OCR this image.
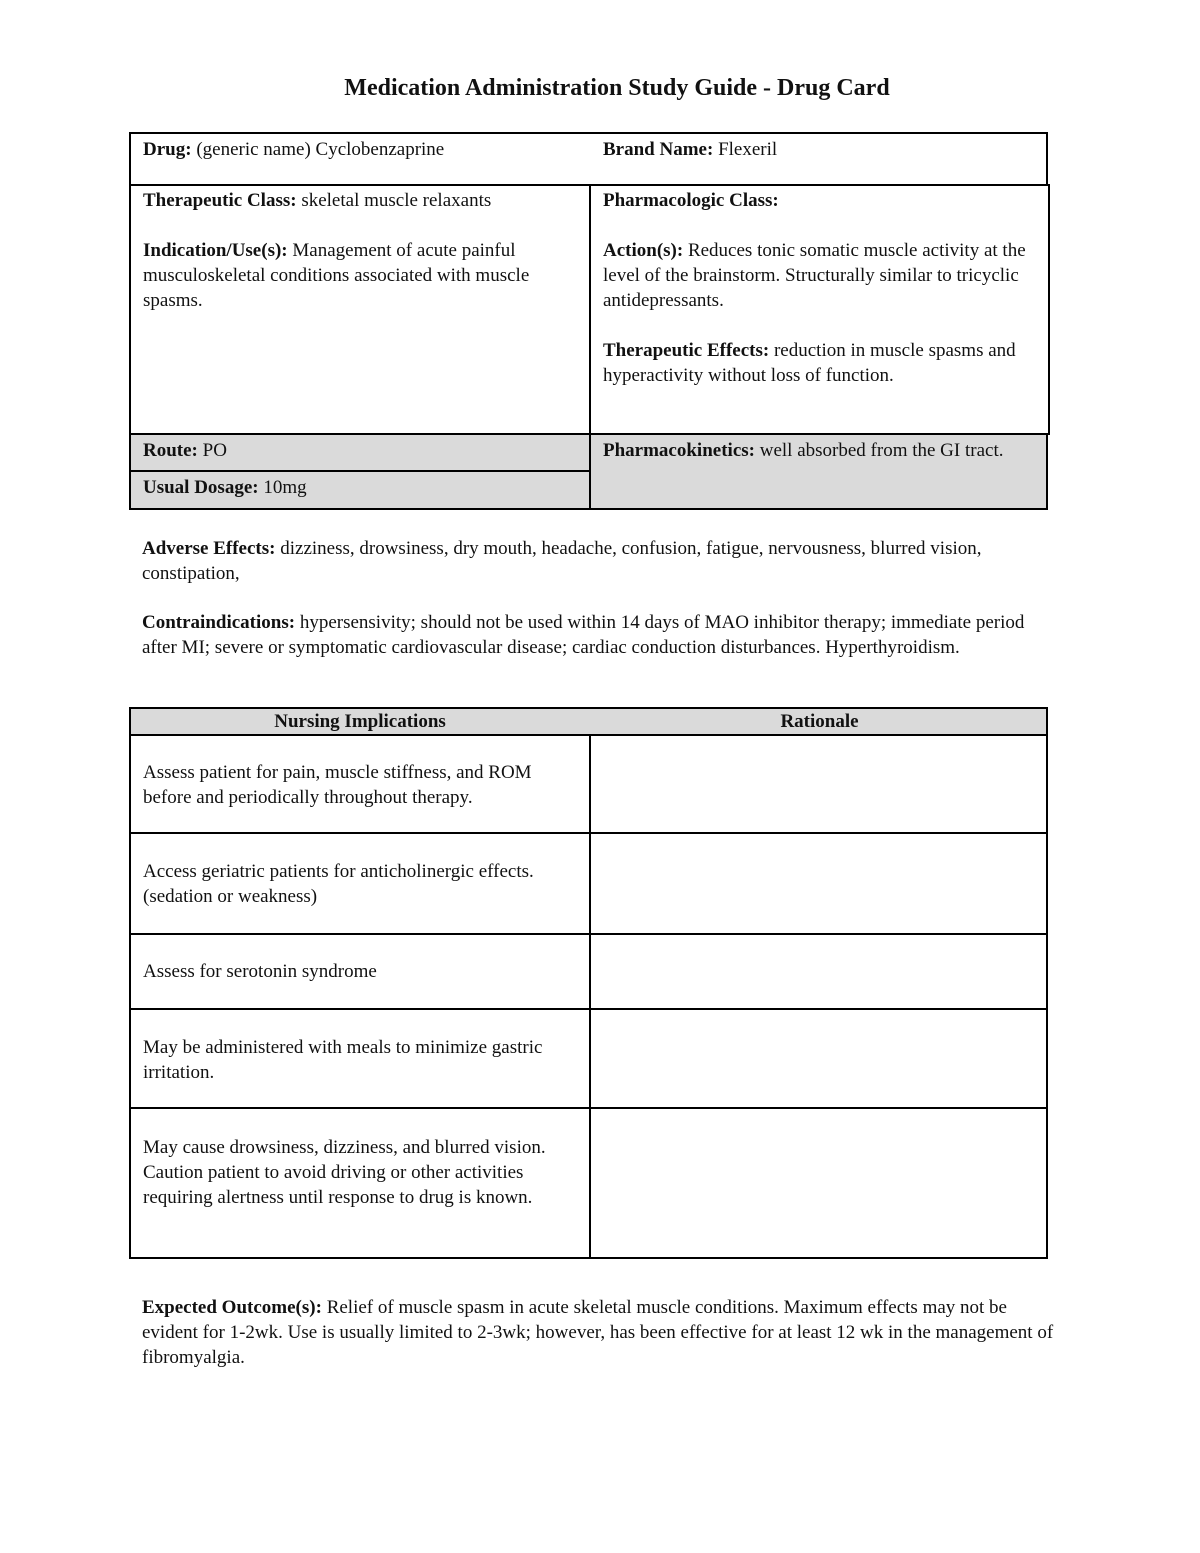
Medication Administration Study Guide - Drug Card
Drug: (generic name) Cyclobenzaprine	Brand Name: Flexeril

Therapeutic Class: skeletal muscle relaxants

Indication/Use(s): Management of acute painful musculoskeletal conditions associated with muscle spasms.

Pharmacologic Class:

Action(s): Reduces tonic somatic muscle activity at the level of the brainstorm. Structurally similar to tricyclic antidepressants.

Therapeutic Effects: reduction in muscle spasms and hyperactivity without loss of function.

Route: PO
Usual Dosage: 10mg
Pharmacokinetics: well absorbed from the GI tract.

Adverse Effects: dizziness, drowsiness, dry mouth, headache, confusion, fatigue, nervousness, blurred vision, constipation,

Contraindications: hypersensivity; should not be used within 14 days of MAO inhibitor therapy; immediate period after MI; severe or symptomatic cardiovascular disease; cardiac conduction disturbances. Hyperthyroidism.

Nursing Implications	Rationale
Assess patient for pain, muscle stiffness, and ROM before and periodically throughout therapy.
Access geriatric patients for anticholinergic effects. (sedation or weakness)
Assess for serotonin syndrome
May be administered with meals to minimize gastric irritation.
May cause drowsiness, dizziness, and blurred vision. Caution patient to avoid driving or other activities requiring alertness until response to drug is known.

Expected Outcome(s): Relief of muscle spasm in acute skeletal muscle conditions. Maximum effects may not be evident for 1-2wk. Use is usually limited to 2-3wk; however, has been effective for at least 12 wk in the management of fibromyalgia.
